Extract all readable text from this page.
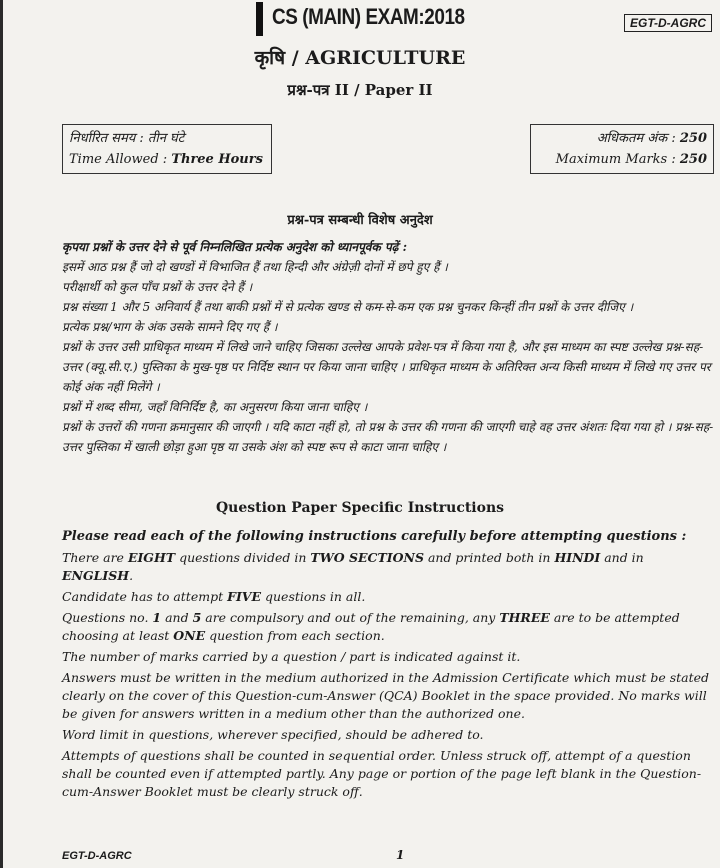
CS (MAIN) EXAM:2018	EGT-D-AGRC
कृषि / AGRICULTURE
प्रश्न-पत्र II / Paper II
निर्धारित समय : तीन घंटे
Time Allowed : Three Hours
अधिकतम अंक : 250
Maximum Marks : 250
प्रश्न-पत्र सम्बन्धी विशेष अनुदेश

कृपया प्रश्नों के उत्तर देने से पूर्व निम्नलिखित प्रत्येक अनुदेश को ध्यानपूर्वक पढ़ें :

इसमें आठ प्रश्न हैं जो दो खण्डों में विभाजित हैं तथा हिन्दी और अंग्रेज़ी दोनों में छपे हुए हैं ।

परीक्षार्थी को कुल पाँच प्रश्नों के उत्तर देने हैं ।

प्रश्न संख्या 1 और 5 अनिवार्य हैं तथा बाकी प्रश्नों में से प्रत्येक खण्ड से कम-से-कम एक प्रश्न चुनकर किन्हीं तीन प्रश्नों के उत्तर दीजिए ।

प्रत्येक प्रश्न/भाग के अंक उसके सामने दिए गए हैं ।

प्रश्नों के उत्तर उसी प्राधिकृत माध्यम में लिखे जाने चाहिए जिसका उल्लेख आपके प्रवेश-पत्र में किया गया है, और इस माध्यम का स्पष्ट उल्लेख प्रश्न-सह-उत्तर (क्यू.सी.ए.) पुस्तिका के मुख-पृष्ठ पर निर्दिष्ट स्थान पर किया जाना चाहिए । प्राधिकृत माध्यम के अतिरिक्त अन्य किसी माध्यम में लिखे गए उत्तर पर कोई अंक नहीं मिलेंगे ।

प्रश्नों में शब्द सीमा, जहाँ विनिर्दिष्ट है, का अनुसरण किया जाना चाहिए ।

प्रश्नों के उत्तरों की गणना क्रमानुसार की जाएगी । यदि काटा नहीं हो, तो प्रश्न के उत्तर की गणना की जाएगी चाहे वह उत्तर अंशतः दिया गया हो । प्रश्न-सह-उत्तर पुस्तिका में खाली छोड़ा हुआ पृष्ठ या उसके अंश को स्पष्ट रूप से काटा जाना चाहिए ।

Question Paper Specific Instructions

Please read each of the following instructions carefully before attempting questions :

There are EIGHT questions divided in TWO SECTIONS and printed both in HINDI and in ENGLISH.

Candidate has to attempt FIVE questions in all.

Questions no. 1 and 5 are compulsory and out of the remaining, any THREE are to be attempted choosing at least ONE question from each section.

The number of marks carried by a question / part is indicated against it.

Answers must be written in the medium authorized in the Admission Certificate which must be stated clearly on the cover of this Question-cum-Answer (QCA) Booklet in the space provided. No marks will be given for answers written in a medium other than the authorized one.

Word limit in questions, wherever specified, should be adhered to.

Attempts of questions shall be counted in sequential order. Unless struck off, attempt of a question shall be counted even if attempted partly. Any page or portion of the page left blank in the Question-cum-Answer Booklet must be clearly struck off.

EGT-D-AGRC	1
